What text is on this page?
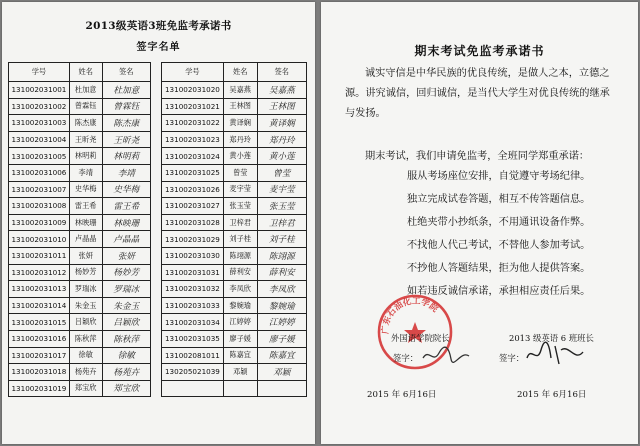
2013级英语3班免监考承诺书
签字名单
学号	姓名	签名
131002031001	杜加意	杜加意
131002031002	曾霖钰	曾霖钰
131002031003	陈杰康	陈杰康
131002031004	王昕尧	王昕尧
131002031005	林明莉	林明莉
131002031006	李靖	李靖
131002031007	史华梅	史华梅
131002031008	雷王希	雷王希
131002031009	林映珊	林映珊
131002031010	卢晶晶	卢晶晶
131002031011	张妍	张妍
131002031012	杨妙芳	杨妙芳
131002031013	罗瑞冰	罗瑞冰
131002031014	朱金玉	朱金玉
131002031015	吕颖欣	吕颖欣
131002031016	陈秋萍	陈秋萍
131002031017	徐敏	徐敏
131002031018	杨苑卉	杨苑卉
131002031019	郑宝欣	郑宝欣
学号	姓名	签名
131002031020	吴嘉燕	吴嘉燕
131002031021	王林图	王林图
131002031022	黄译娴	黄译娴
131002031023	郑丹玲	郑丹玲
131002031024	黄小莲	黄小莲
131002031025	曾莹	曾莹
131002031026	麦宇莹	麦宇莹
131002031027	张玉莹	张玉莹
131002031028	卫梓君	卫梓君
131002031029	刘子桂	刘子桂
131002031030	陈翊源	陈翊源
131002031031	薛利安	薛利安
131002031032	李凤欣	李凤欣
131002031033	黎婉瑜	黎婉瑜
131002031034	江婷婷	江婷婷
131002031035	廖子媛	廖子媛
131002081011	陈嘉宜	陈嘉宜
130205021039	邓颖	邓颖

期末考试免监考承诺书
诚实守信是中华民族的优良传统，是做人之本，立德之源。讲究诚信，回归诚信，是当代大学生对优良传统的继承与发扬。
期末考试，我们申请免监考，全班同学郑重承诺：
服从考场座位安排，自觉遵守考场纪律。
独立完成试卷答题，相互不传答题信息。
杜绝夹带小抄纸条，不用通讯设备作弊。
不找他人代己考试，不替他人参加考试。
不抄他人答题结果，拒为他人提供答案。
如若违反诚信承诺，承担相应责任后果。
广东石油化工学院
外国语学院院长
签字：
2015 年 6月16日
2013 级英语 6 班班长
签字：
2015 年 6月16日
